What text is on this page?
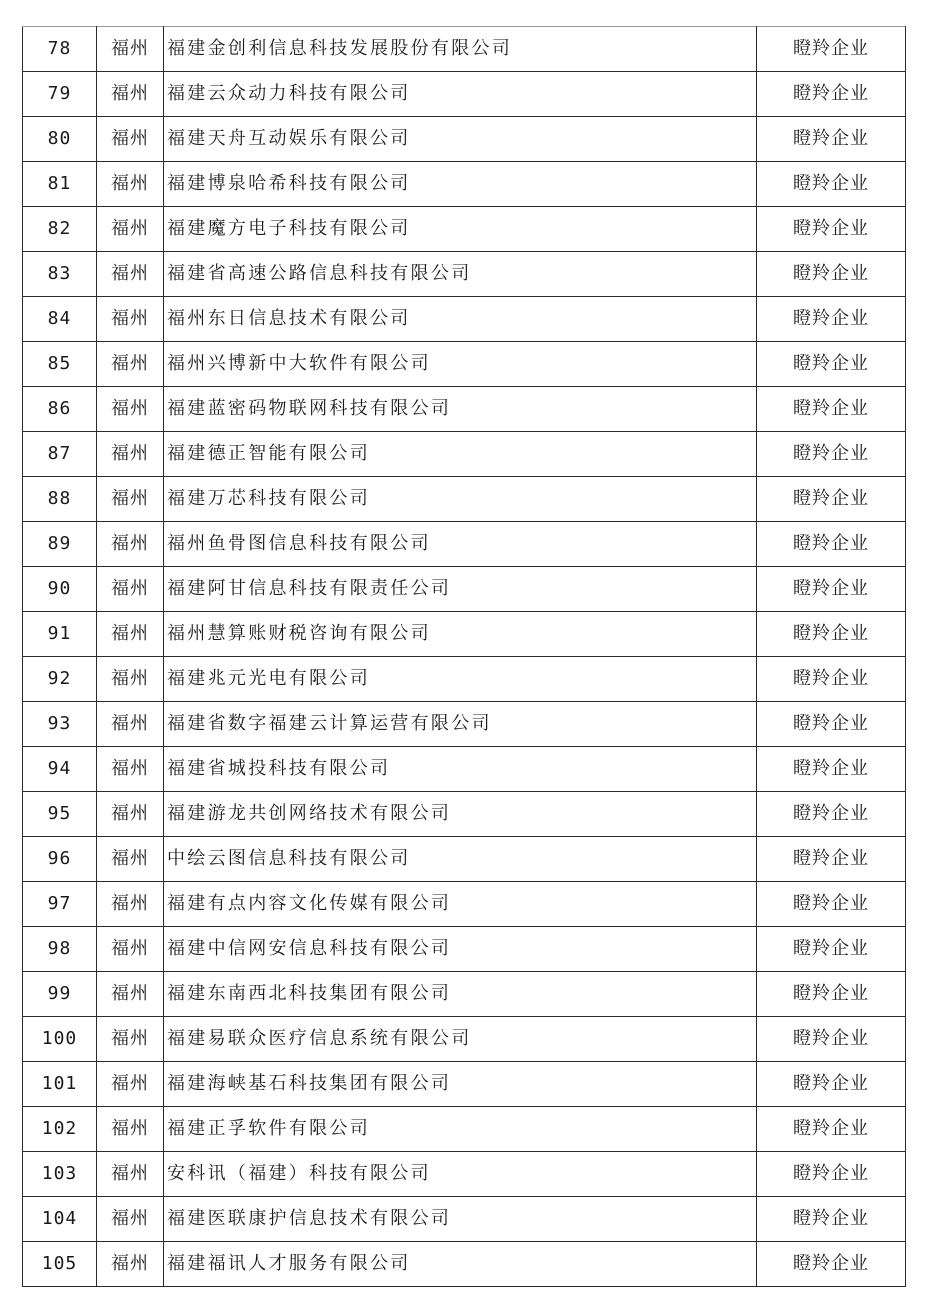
78	福州	福建金创利信息科技发展股份有限公司	瞪羚企业
79	福州	福建云众动力科技有限公司	瞪羚企业
80	福州	福建天舟互动娱乐有限公司	瞪羚企业
81	福州	福建博泉哈希科技有限公司	瞪羚企业
82	福州	福建魔方电子科技有限公司	瞪羚企业
83	福州	福建省高速公路信息科技有限公司	瞪羚企业
84	福州	福州东日信息技术有限公司	瞪羚企业
85	福州	福州兴博新中大软件有限公司	瞪羚企业
86	福州	福建蓝密码物联网科技有限公司	瞪羚企业
87	福州	福建德正智能有限公司	瞪羚企业
88	福州	福建万芯科技有限公司	瞪羚企业
89	福州	福州鱼骨图信息科技有限公司	瞪羚企业
90	福州	福建阿甘信息科技有限责任公司	瞪羚企业
91	福州	福州慧算账财税咨询有限公司	瞪羚企业
92	福州	福建兆元光电有限公司	瞪羚企业
93	福州	福建省数字福建云计算运营有限公司	瞪羚企业
94	福州	福建省城投科技有限公司	瞪羚企业
95	福州	福建游龙共创网络技术有限公司	瞪羚企业
96	福州	中绘云图信息科技有限公司	瞪羚企业
97	福州	福建有点内容文化传媒有限公司	瞪羚企业
98	福州	福建中信网安信息科技有限公司	瞪羚企业
99	福州	福建东南西北科技集团有限公司	瞪羚企业
100	福州	福建易联众医疗信息系统有限公司	瞪羚企业
101	福州	福建海峡基石科技集团有限公司	瞪羚企业
102	福州	福建正孚软件有限公司	瞪羚企业
103	福州	安科讯（福建）科技有限公司	瞪羚企业
104	福州	福建医联康护信息技术有限公司	瞪羚企业
105	福州	福建福讯人才服务有限公司	瞪羚企业
